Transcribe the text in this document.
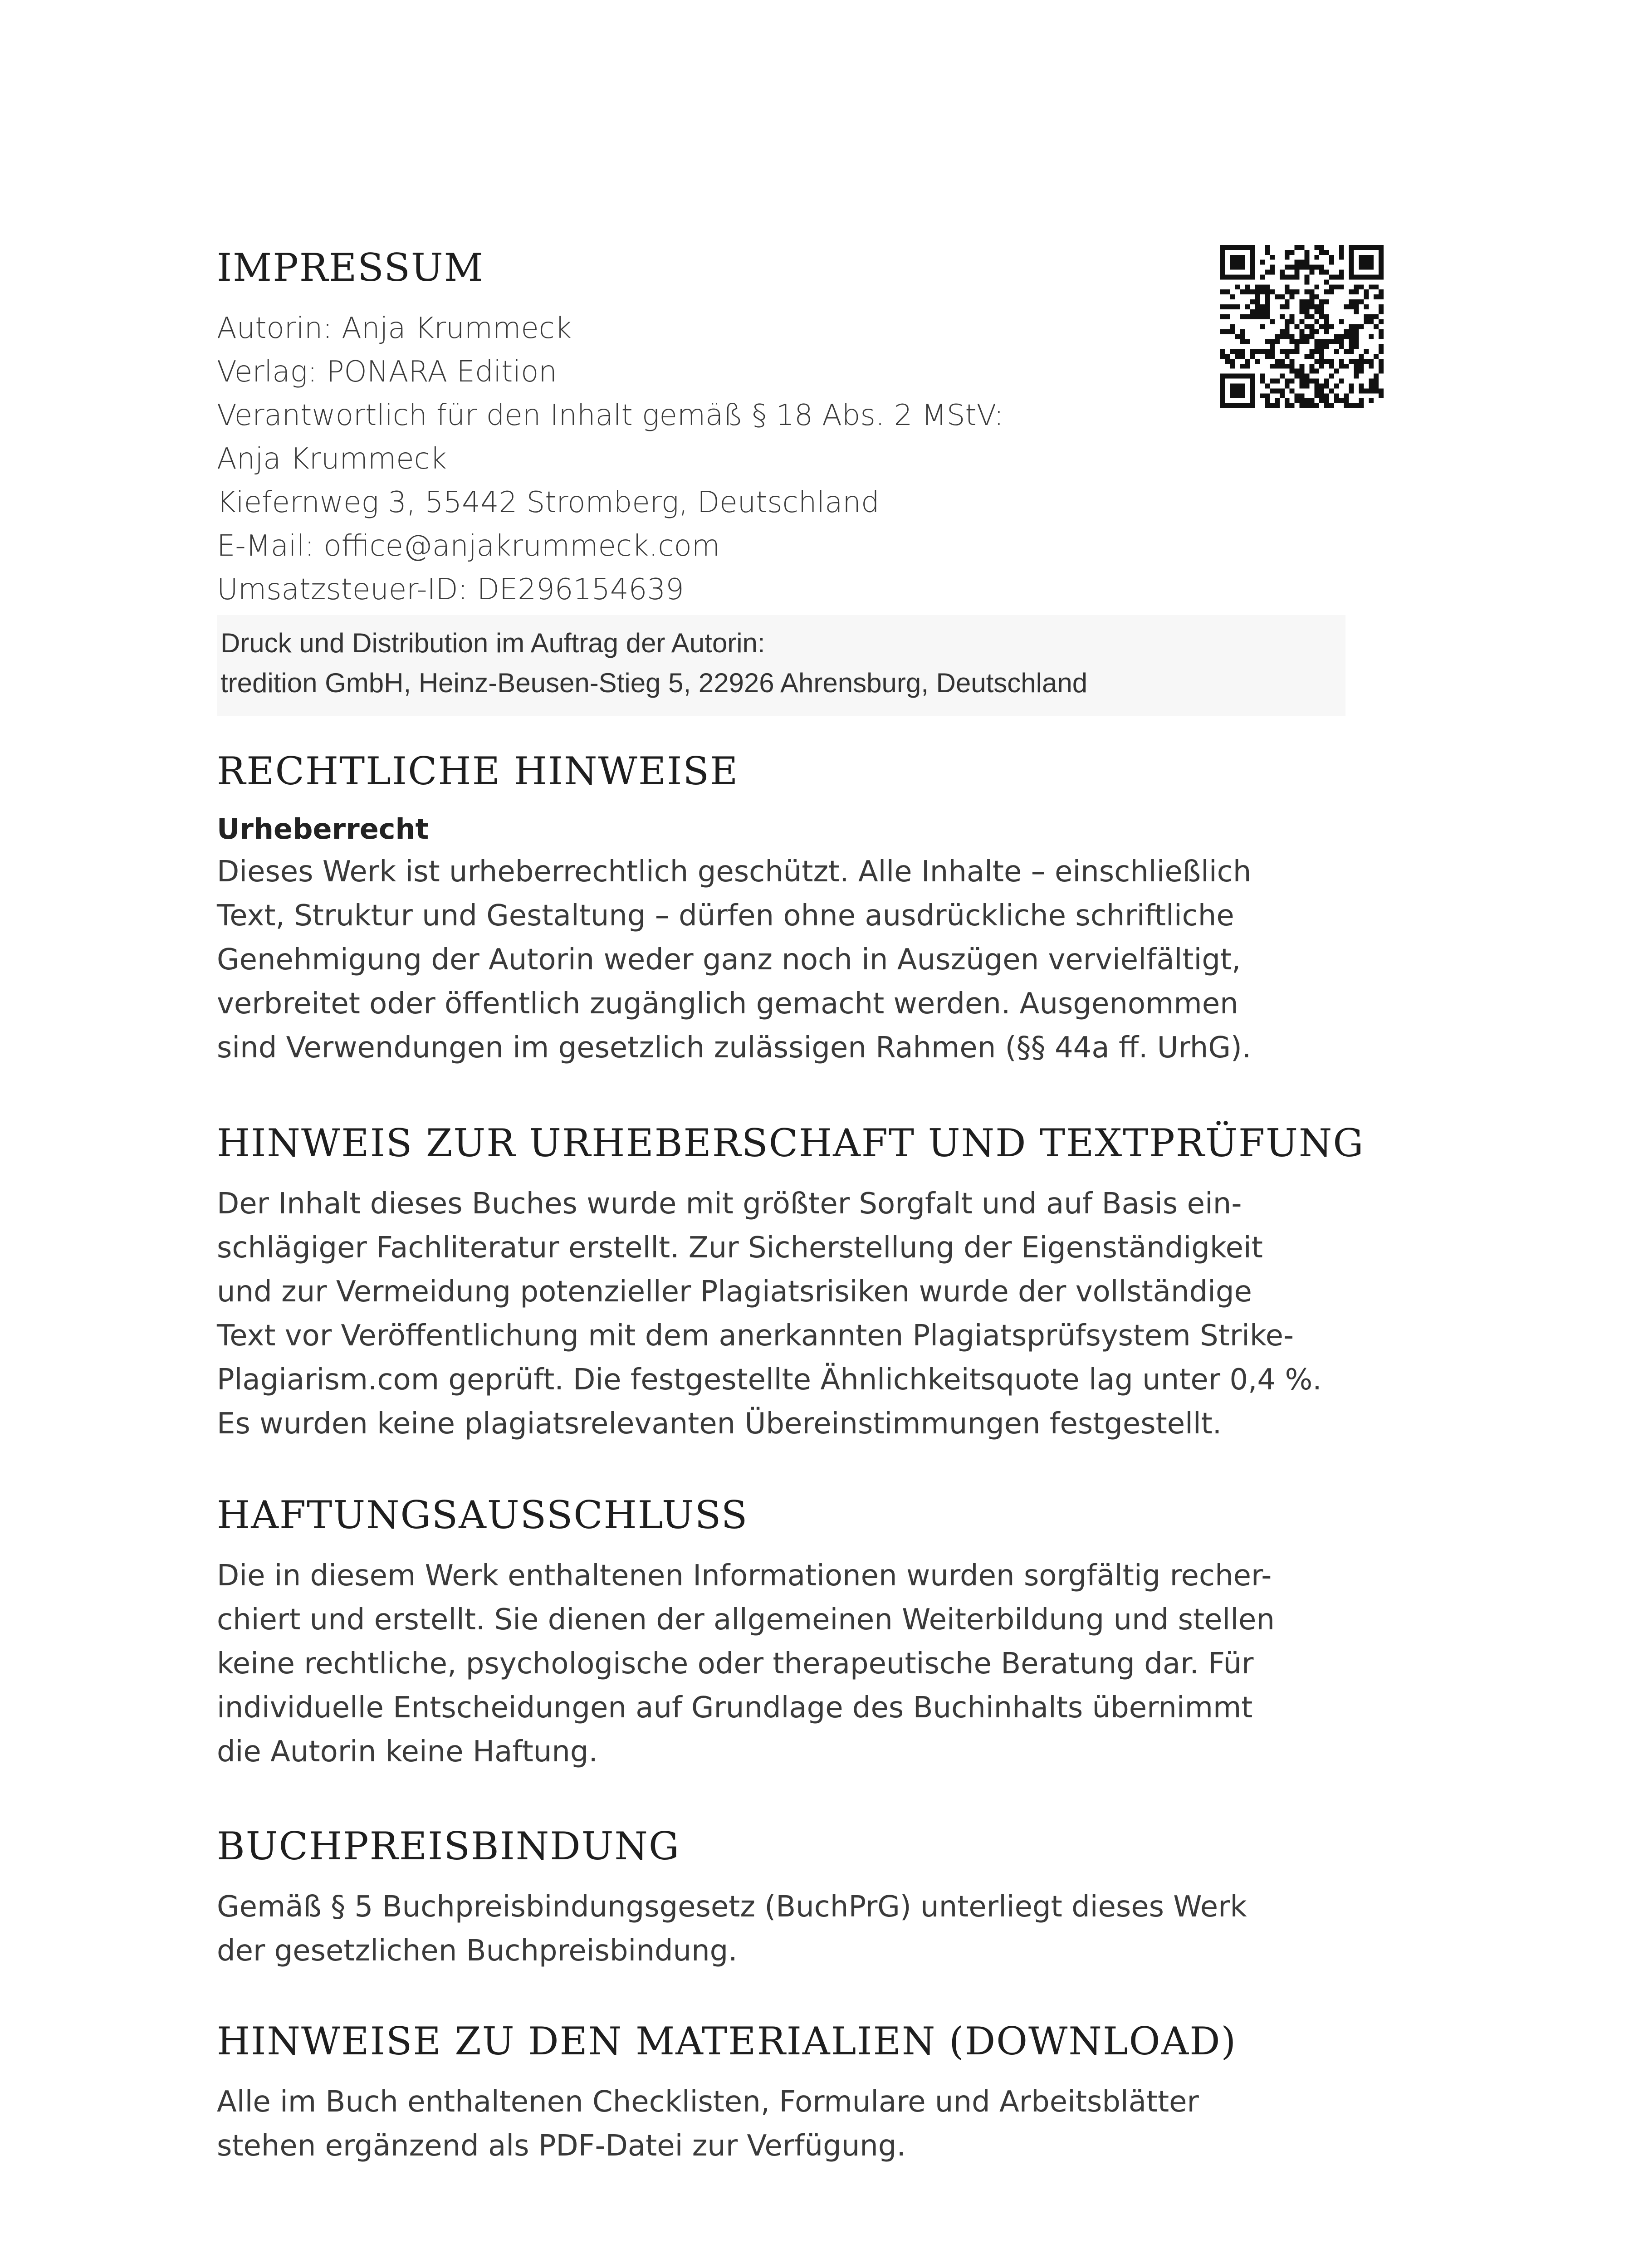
IMPRESSUM
Autorin: Anja Krummeck
Verlag: PONARA Edition
Verantwortlich für den Inhalt gemäß § 18 Abs. 2 MStV:
Anja Krummeck
Kiefernweg 3, 55442 Stromberg, Deutschland
E-Mail: office@anjakrummeck.com
Umsatzsteuer-ID: DE296154639
Druck und Distribution im Auftrag der Autorin:
tredition GmbH, Heinz-Beusen-Stieg 5, 22926 Ahrensburg, Deutschland
RECHTLICHE HINWEISE
Urheberrecht

Dieses Werk ist urheberrechtlich geschützt. Alle Inhalte – einschließlich
Text, Struktur und Gestaltung – dürfen ohne ausdrückliche schriftliche
Genehmigung der Autorin weder ganz noch in Auszügen vervielfältigt,
verbreitet oder öffentlich zugänglich gemacht werden. Ausgenommen
sind Verwendungen im gesetzlich zulässigen Rahmen (§§ 44a ff. UrhG).

HINWEIS ZUR URHEBERSCHAFT UND TEXTPRÜFUNG

Der Inhalt dieses Buches wurde mit größter Sorgfalt und auf Basis ein-
schlägiger Fachliteratur erstellt. Zur Sicherstellung der Eigenständigkeit
und zur Vermeidung potenzieller Plagiatsrisiken wurde der vollständige
Text vor Veröffentlichung mit dem anerkannten Plagiatsprüfsystem Strike-
Plagiarism.com geprüft. Die festgestellte Ähnlichkeitsquote lag unter 0,4 %.
Es wurden keine plagiatsrelevanten Übereinstimmungen festgestellt.

HAFTUNGSAUSSCHLUSS

Die in diesem Werk enthaltenen Informationen wurden sorgfältig recher-
chiert und erstellt. Sie dienen der allgemeinen Weiterbildung und stellen
keine rechtliche, psychologische oder therapeutische Beratung dar. Für
individuelle Entscheidungen auf Grundlage des Buchinhalts übernimmt
die Autorin keine Haftung.

BUCHPREISBINDUNG

Gemäß § 5 Buchpreisbindungsgesetz (BuchPrG) unterliegt dieses Werk
der gesetzlichen Buchpreisbindung.

HINWEISE ZU DEN MATERIALIEN (DOWNLOAD)

Alle im Buch enthaltenen Checklisten, Formulare und Arbeitsblätter
stehen ergänzend als PDF-Datei zur Verfügung.
